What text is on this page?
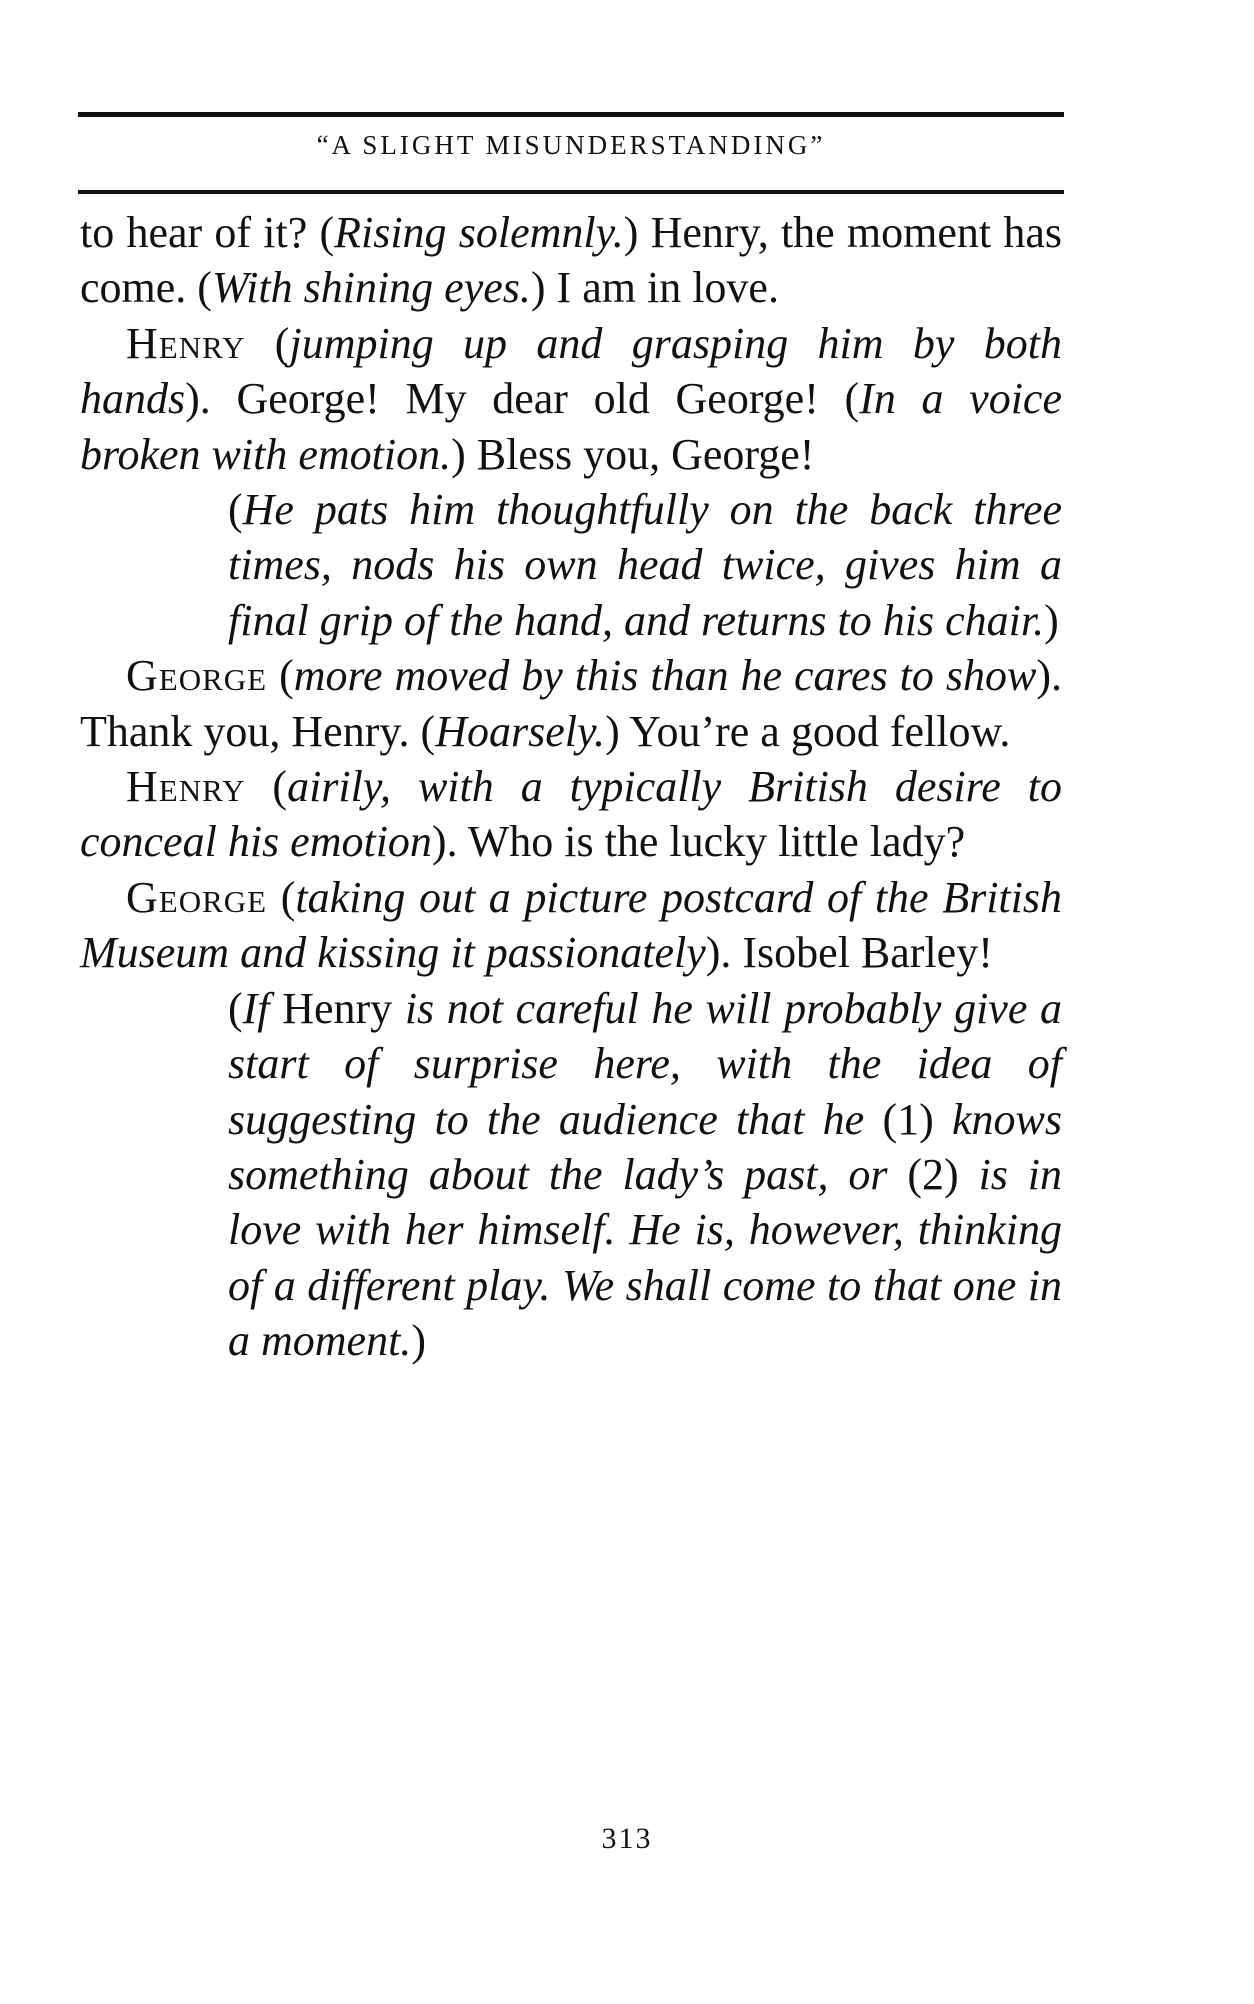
“A SLIGHT MISUNDERSTANDING”

to hear of it? (Rising solemnly.) Henry, the moment has come. (With shining eyes.) I am in love.

Henry (jumping up and grasping him by both hands). George! My dear old George! (In a voice broken with emotion.) Bless you, George!

(He pats him thoughtfully on the back three times, nods his own head twice, gives him a final grip of the hand, and returns to his chair.)

George (more moved by this than he cares to show). Thank you, Henry. (Hoarsely.) You’re a good fellow.

Henry (airily, with a typically British desire to conceal his emotion). Who is the lucky little lady?

George (taking out a picture postcard of the British Museum and kissing it passionately). Isobel Barley!

(If Henry is not careful he will probably give a start of surprise here, with the idea of suggesting to the audience that he (1) knows something about the lady’s past, or (2) is in love with her himself. He is, however, thinking of a different play. We shall come to that one in a moment.)

313
